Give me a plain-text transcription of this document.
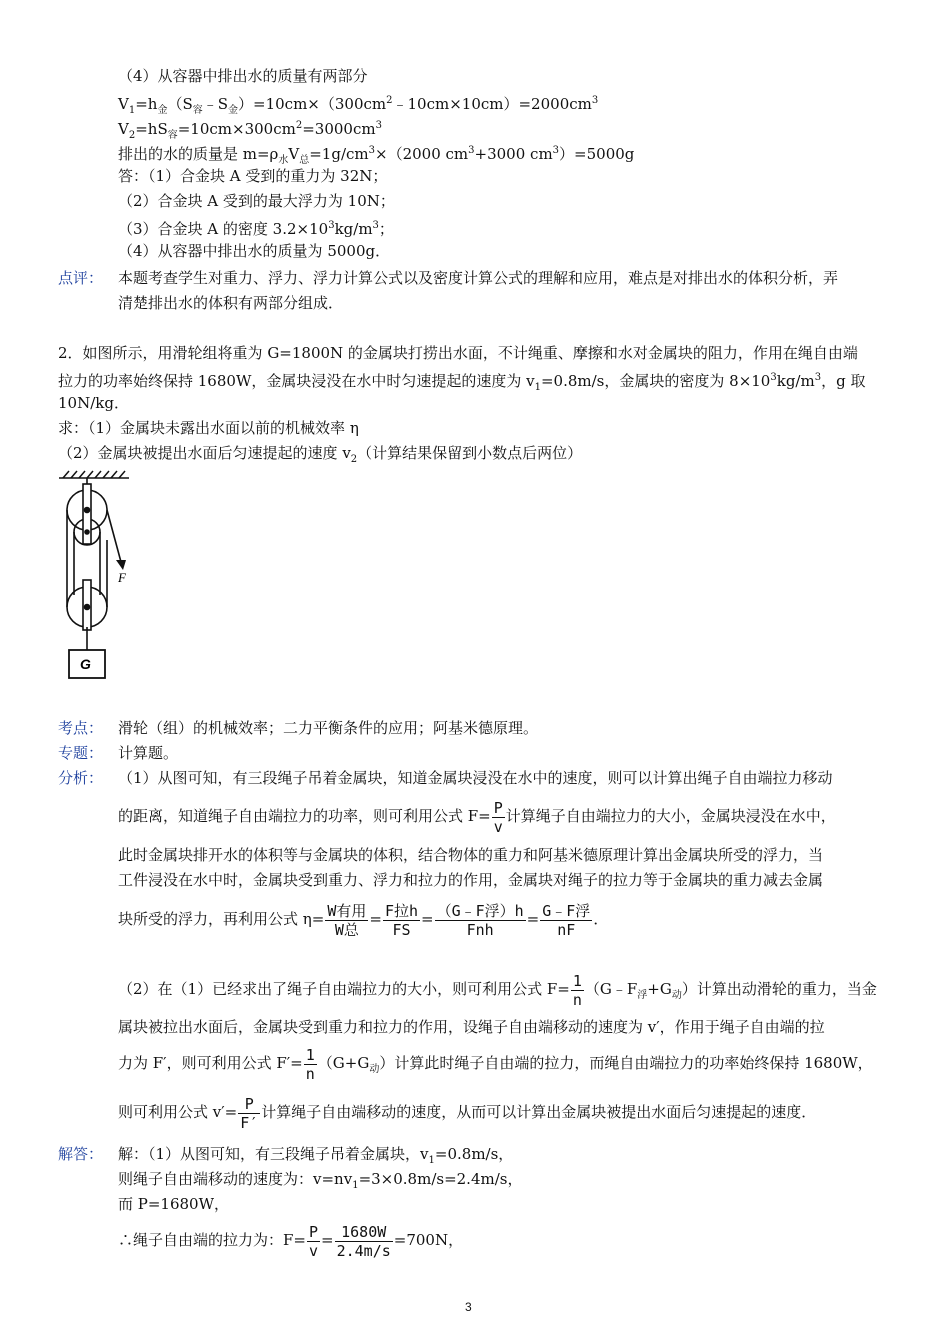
（4）从容器中排出水的质量有两部分
$V_1=h_金(S_容﹣S_金)=10cm\times(300cm^2﹣10cm\times 10cm)=2000cm^3$
$V_2=hS_容=10cm\times 300cm^2=3000cm^3$
排出的水的质量是 $m=\rho_水V_总=1g/cm^3\times(2000$ $cm^3+3000$ $cm^3)=5000g$
答：（1）合金块 A 受到的重力为 32N；
（2）合金块 A 受到的最大浮力为 10N；
（3）合金块 A 的密度 $3.2\times 10^3kg/m^3$；
（4）从容器中排出水的质量为 5000g．
点评： 本题考查学生对重力、浮力、浮力计算公式以及密度计算公式的理解和应用，难点是对排出水的体积分析，弄
清楚排出水的体积有两部分组成．
2．如图所示，用滑轮组将重为 G=1800N 的金属块打捞出水面，不计绳重、摩擦和水对金属块的阻力，作用在绳自由端
拉力的功率始终保持 1680W，金属块浸没在水中时匀速提起的速度为 $v_1=0.8m/s$，金属块的密度为 $8\times 10^3kg/m^3$，g 取
10N/kg．
求：（1）金属块未露出水面以前的机械效率 η
（2）金属块被提出水面后匀速提起的速度 $v_2$（计算结果保留到小数点后两位）
F
G
考点： 滑轮（组）的机械效率；二力平衡条件的应用；阿基米德原理。
专题： 计算题。
分析： （1）从图可知，有三段绳子吊着金属块，知道金属块浸没在水中的速度，则可以计算出绳子自由端拉力移动
的距离，知道绳子自由端拉力的功率，则可利用公式 $F= \frac{P}{v}$ 计算绳子自由端拉力的大小，金属块浸没在水中，
此时金属块排开水的体积等与金属块的体积，结合物体的重力和阿基米德原理计算出金属块所受的浮力，当
工件浸没在水中时，金属块受到重力、浮力和拉力的作用，金属块对绳子的拉力等于金属块的重力减去金属
块所受的浮力，再利用公式 $\eta= \frac{\text{W有用}}{\text{W总}} = \frac{\text{F拉h}}{FS} = \frac{\text{（G﹣F浮）h}}{\text{Fnh}} = \frac{\text{G﹣F浮}}{nF}$ ．
（2）在（1）已经求出了绳子自由端拉力的大小，则可利用公式 $F= \frac{1}{n}$ $(G﹣F_浮+G_动)$计算出动滑轮的重力，当金
属块被拉出水面后，金属块受到重力和拉力的作用，设绳子自由端移动的速度为 v′，作用于绳子自由端的拉
力为 F′，则可利用公式 $F'= \frac{1}{n} (G+G_动)$计算此时绳子自由端的拉力，而绳自由端拉力的功率始终保持 1680W，
则可利用公式 $v'= \frac{P}{F'}$ 计算绳子自由端移动的速度，从而可以计算出金属块被提出水面后匀速提起的速度．
解答： 解：（1）从图可知，有三段绳子吊着金属块，$v_1=0.8m/s$，
则绳子自由端移动的速度为：$v=nv_1=3\times 0.8m/s=2.4m/s$，
而 P=1680W，
∴绳子自由端的拉力为：$F= \frac{P}{v} = \frac{1680W}{2.4m/s} =700N$，
3
